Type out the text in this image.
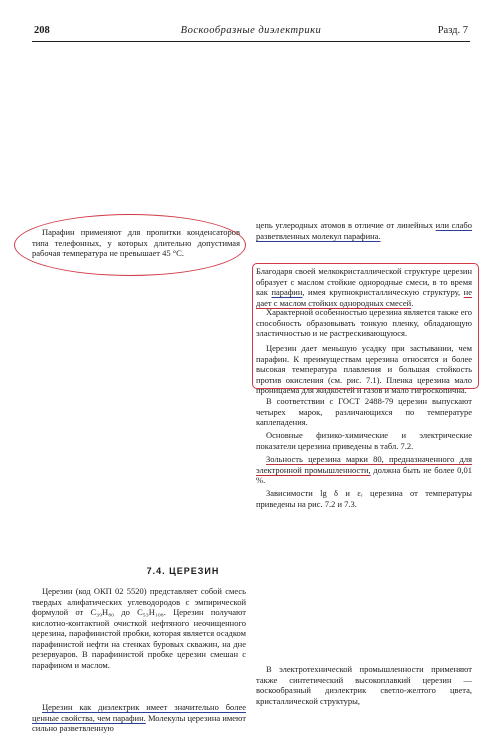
208	Воскообразные диэлектрики	Разд. 7
Парафин применяют для пропитки конденсаторов типа телефонных, у которых длительно допустимая рабочая температура не превышает 45 °С.
7.4. ЦЕРЕЗИН
Церезин (код ОКП 02 5520) представляет собой смесь твердых алифатических углеводородов с эмпирической формулой от C₃₉H₈₀ до C₅₃H₁₀₈. Церезин получают кислотно-контактной очисткой нефтяного неочищенного церезина, парафинистой пробки, которая является осадком парафинистой нефти на стенках буровых скважин, на дне резервуаров. В парафинистой пробке церезин смешан с парафином и маслом.
Церезин как диэлектрик имеет значительно более ценные свойства, чем парафин. Молекулы церезина имеют сильно разветвленную
цепь углеродных атомов в отличие от линейных или слабо разветвленных молекул парафина.
Благодаря своей мелкокристаллической структуре церезин образует с маслом стойкие однородные смеси, в то время как парафин, имея крупнокристаллическую структуру, не дает с маслом стойких однородных смесей.
Характерной особенностью церезина является также его способность образовывать тонкую пленку, обладающую эластичностью и не растрескивающуюся.
Церезин дает меньшую усадку при застывании, чем парафин. К преимуществам церезина относятся и более высокая температура плавления и большая стойкость против окисления (см. рис. 7.1). Пленка церезина мало проницаема для жидкостей и газов и мало гигроскопична.
В соответствии с ГОСТ 2488-79 церезин выпускают четырех марок, различающихся по температуре каплепадения.
Основные физико-химические и электрические показатели церезина приведены в табл. 7.2.
Зольность церезина марки 80, предназначенного для электронной промышленности, должна быть не более 0,01 %.
Зависимости lg δ и εᵣ церезина от температуры приведены на рис. 7.2 и 7.3.
В электротехнической промышленности применяют также синтетический высокоплавкий церезин — воскообразный диэлектрик светло-желтого цвета, кристаллической структуры,
